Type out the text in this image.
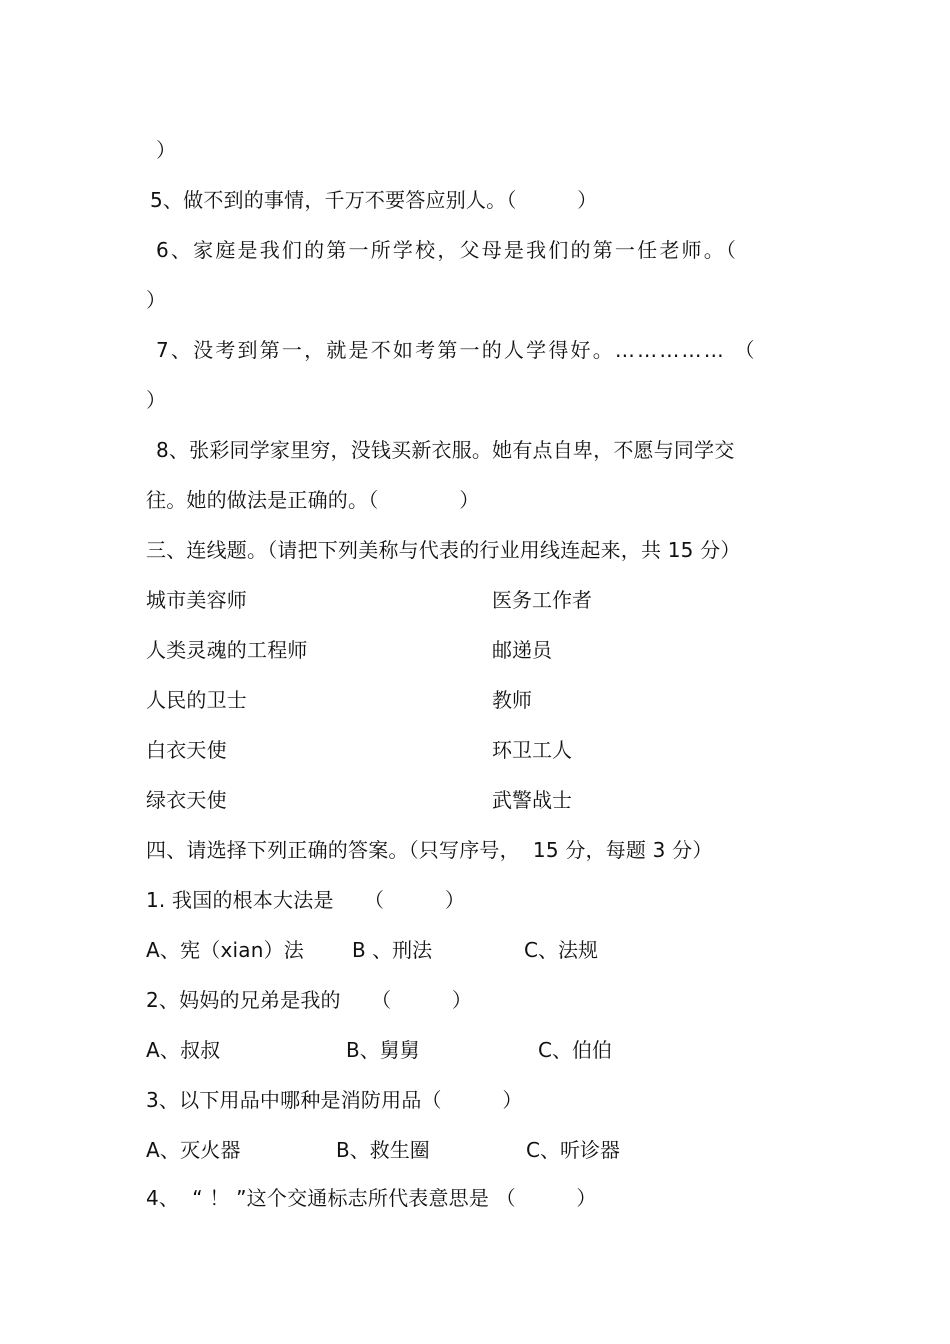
）
5、做不到的事情，千万不要答应别人。（　　　）
6、家庭是我们的第一所学校，父母是我们的第一任老师。（
）
7、没考到第一，就是不如考第一的人学得好。…………… （
）
8、张彩同学家里穷，没钱买新衣服。她有点自卑，不愿与同学交
往。她的做法是正确的。（　　　　）
三、连线题。（请把下列美称与代表的行业用线连起来，共 15 分）
城市美容师	医务工作者
人类灵魂的工程师	邮递员
人民的卫士	教师
白衣天使	环卫工人
绿衣天使	武警战士
四、请选择下列正确的答案。（只写序号，  15 分，每题 3 分）
1. 我国的根本大法是　　（　　　）
A、宪（xian）法 B 、刑法	C、法规
2、妈妈的兄弟是我的　　（　　　）
A、叔叔	B、舅舅	C、伯伯
3、以下用品中哪种是消防用品（　　　）
A、灭火器	B、救生圈	C、听诊器
4、  “ ！ ”这个交通标志所代表意思是 （　　　）
